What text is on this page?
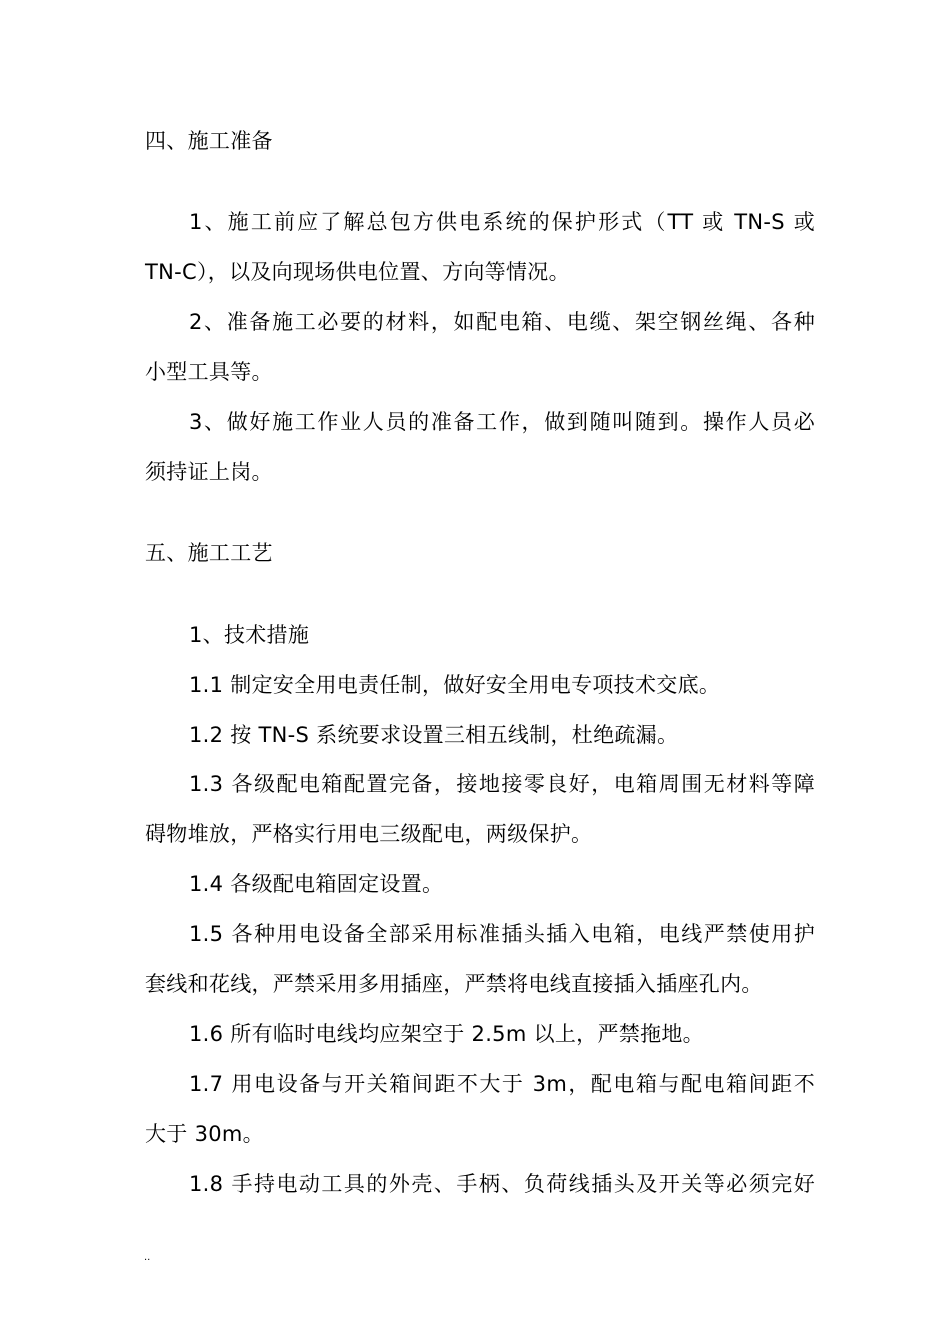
四、施工准备
1、施工前应了解总包方供电系统的保护形式（TT 或 TN-S 或
TN-C），以及向现场供电位置、方向等情况。
2、准备施工必要的材料，如配电箱、电缆、架空钢丝绳、各种
小型工具等。
3、做好施工作业人员的准备工作，做到随叫随到。操作人员必
须持证上岗。
五、施工工艺
1、技术措施
1.1 制定安全用电责任制，做好安全用电专项技术交底。
1.2 按 TN-S 系统要求设置三相五线制，杜绝疏漏。
1.3 各级配电箱配置完备，接地接零良好，电箱周围无材料等障
碍物堆放，严格实行用电三级配电，两级保护。
1.4 各级配电箱固定设置。
1.5 各种用电设备全部采用标准插头插入电箱，电线严禁使用护
套线和花线，严禁采用多用插座，严禁将电线直接插入插座孔内。
1.6 所有临时电线均应架空于 2.5m 以上，严禁拖地。
1.7 用电设备与开关箱间距不大于 3m，配电箱与配电箱间距不
大于 30m。
1.8 手持电动工具的外壳、手柄、负荷线插头及开关等必须完好
..
